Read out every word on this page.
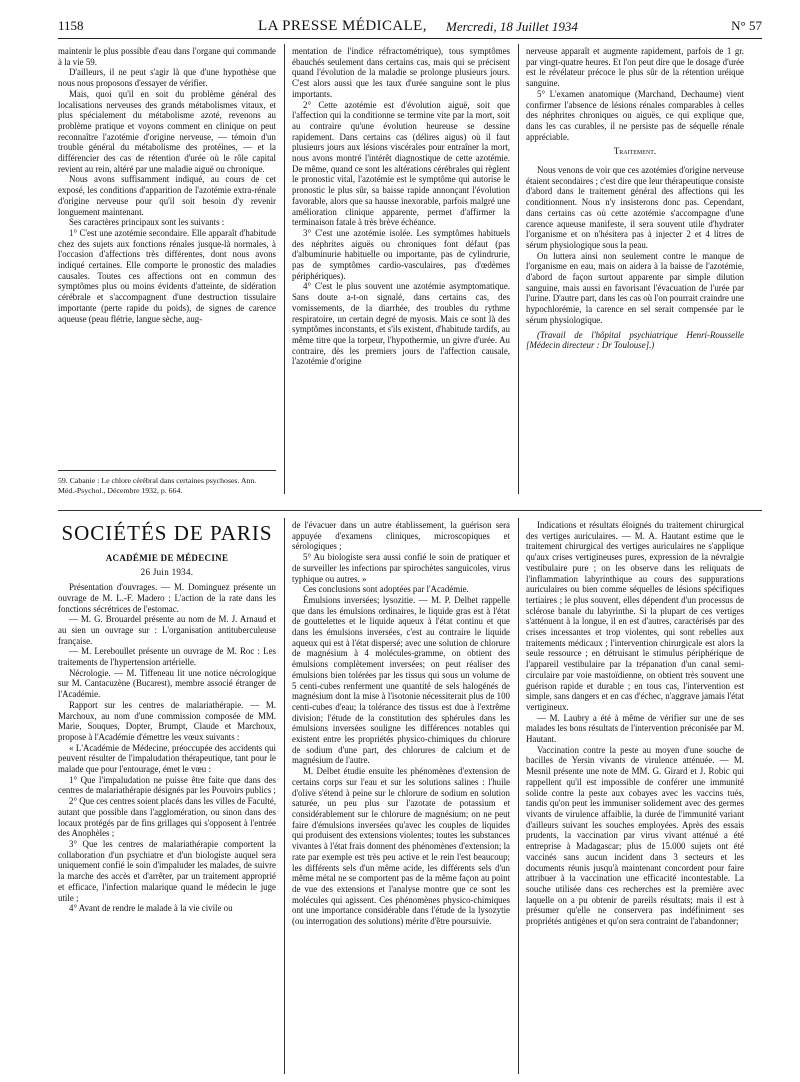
1158	LA PRESSE MÉDICALE, Mercredi, 18 Juillet 1934	N° 57

maintenir le plus possible d'eau dans l'organe qui commande à la vie 59.

D'ailleurs, il ne peut s'agir là que d'une hypothèse que nous nous proposons d'essayer de vérifier.

Mais, quoi qu'il en soit du problème général des localisations nerveuses des grands métabolismes vitaux, et plus spécialement du métabolisme azoté, revenons au problème pratique et voyons comment en clinique on peut reconnaître l'azotémie d'origine nerveuse, — témoin d'un trouble général du métabolisme des protéines, — et la différencier des cas de rétention d'urée où le rôle capital revient au rein, altéré par une maladie aiguë ou chronique.

Nous avons suffisamment indiqué, au cours de cet exposé, les conditions d'apparition de l'azotémie extra-rénale d'origine nerveuse pour qu'il soit besoin d'y revenir longuement maintenant.

Ses caractères principaux sont les suivants :

1° C'est une azotémie secondaire. Elle apparaît d'habitude chez des sujets aux fonctions rénales jusque-là normales, à l'occasion d'affections très différentes, dont nous avons indiqué certaines. Elle comporte le pronostic des maladies causales. Toutes ces affections ont en commun des symptômes plus ou moins évidents d'atteinte, de sidération cérébrale et s'accompagnent d'une destruction tissulaire importante (perte rapide du poids), de signes de carence aqueuse (peau flétrie, langue sèche, aug-

59. Cabanie : Le chlore cérébral dans certaines psychoses. Ann. Méd.-Psychol., Décembre 1932, p. 664.

mentation de l'indice réfractométrique), tous symptômes ébauchés seulement dans certains cas, mais qui se précisent quand l'évolution de la maladie se prolonge plusieurs jours. C'est alors aussi que les taux d'urée sanguine sont le plus importants.

2° Cette azotémie est d'évolution aiguë, soit que l'affection qui la conditionne se termine vite par la mort, soit au contraire qu'une évolution heureuse se dessine rapidement. Dans certains cas (délires aigus) où il faut plusieurs jours aux lésions viscérales pour entraîner la mort, nous avons montré l'intérêt diagnostique de cette azotémie. De même, quand ce sont les altérations cérébrales qui règlent le pronostic vital, l'azotémie est le symptôme qui autorise le pronostic le plus sûr, sa baisse rapide annonçant l'évolution favorable, alors que sa hausse inexorable, parfois malgré une amélioration clinique apparente, permet d'affirmer la terminaison fatale à très brève échéance.

3° C'est une azotémie isolée. Les symptômes habituels des néphrites aiguës ou chroniques font défaut (pas d'albuminurie habituelle ou importante, pas de cylindrurie, pas de symptômes cardio-vasculaires, pas d'œdèmes périphériques).

4° C'est le plus souvent une azotémie asymptomatique. Sans doute a-t-on signalé, dans certains cas, des vomissements, de la diarrhée, des troubles du rythme respiratoire, un certain degré de myosis. Mais ce sont là des symptômes inconstants, et s'ils existent, d'habitude tardifs, au même titre que la torpeur, l'hypothermie, un givre d'urée. Au contraire, dès les premiers jours de l'affection causale, l'azotémie d'origine

nerveuse apparaît et augmente rapidement, parfois de 1 gr. par vingt-quatre heures. Et l'on peut dire que le dosage d'urée est le révélateur précoce le plus sûr de la rétention uréique sanguine.

5° L'examen anatomique (Marchand, Dechaume) vient confirmer l'absence de lésions rénales comparables à celles des néphrites chroniques ou aiguës, ce qui explique que, dans les cas curables, il ne persiste pas de séquelle rénale appréciable.

Traitement.

Nous venons de voir que ces azotémies d'origine nerveuse étaient secondaires ; c'est dire que leur thérapeutique consiste d'abord dans le traitement général des affections qui les conditionnent. Nous n'y insisterons donc pas. Cependant, dans certains cas où cette azotémie s'accompagne d'une carence aqueuse manifeste, il sera souvent utile d'hydrater l'organisme et on n'hésitera pas à injecter 2 et 4 litres de sérum physiologique sous la peau.

On luttera ainsi non seulement contre le manque de l'organisme en eau, mais on aidera à la baisse de l'azotémie, d'abord de façon surtout apparente par simple dilution sanguine, mais aussi en favorisant l'évacuation de l'urée par l'urine. D'autre part, dans les cas où l'on pourrait craindre une hypochlorémie, la carence en sel serait compensée par le sérum physiologique.

(Travail de l'hôpital psychiatrique Henri-Rousselle [Médecin directeur : Dr Toulouse].)

SOCIÉTÉS DE PARIS
ACADÉMIE DE MÉDECINE
26 Juin 1934.

Présentation d'ouvrages. — M. Dominguez présente un ouvrage de M. L.-F. Madero : L'action de la rate dans les fonctions sécrétrices de l'estomac.

— M. G. Brouardel présente au nom de M. J. Arnaud et au sien un ouvrage sur : L'organisation antituberculeuse française.

— M. Lereboullet présente un ouvrage de M. Roc : Les traitements de l'hypertension artérielle.

Nécrologie. — M. Tiffeneau lit une notice nécrologique sur M. Cantacuzène (Bucarest), membre associé étranger de l'Académie.

Rapport sur les centres de malariathérapie. — M. Marchoux, au nom d'une commission composée de MM. Marie, Souques, Dopter, Brumpt, Claude et Marchoux, propose à l'Académie d'émettre les vœux suivants :

« L'Académie de Médecine, préoccupée des accidents qui peuvent résulter de l'impaludation thérapeutique, tant pour le malade que pour l'entourage, émet le vœu :

1° Que l'impaludation ne puisse être faite que dans des centres de malariathérapie désignés par les Pouvoirs publics ;

2° Que ces centres soient placés dans les villes de Faculté, autant que possible dans l'agglomération, ou sinon dans des locaux protégés par de fins grillages qui s'opposent à l'entrée des Anophèles ;

3° Que les centres de malariathérapie comportent la collaboration d'un psychiatre et d'un biologiste auquel sera uniquement confié le soin d'impaluder les malades, de suivre la marche des accès et d'arrêter, par un traitement approprié et efficace, l'infection malarique quand le médecin le juge utile ;

4° Avant de rendre le malade à la vie civile ou

de l'évacuer dans un autre établissement, la guérison sera appuyée d'examens cliniques, microscopiques et sérologiques ;

5° Au biologiste sera aussi confié le soin de pratiquer et de surveiller les infections par spirochètes sanguicoles, virus typhique ou autres. »

Ces conclusions sont adoptées par l'Académie.

Émulsions inversées; lysozitie. — M. P. Delbet rappelle que dans les émulsions ordinaires, le liquide gras est à l'état de gouttelettes et le liquide aqueux à l'état continu et que dans les émulsions inversées, c'est au contraire le liquide aqueux qui est à l'état dispersé; avec une solution de chlorure de magnésium à 4 molécules-gramme, on obtient des émulsions complètement inversées; on peut réaliser des émulsions bien tolérées par les tissus qui sous un volume de 5 centi-cubes renferment une quantité de sels halogénés de magnésium dont la mise à l'isotonie nécessiterait plus de 100 centi-cubes d'eau; la tolérance des tissus est due à l'extrême division; l'étude de la constitution des sphérules dans les émulsions inversées souligne les différences notables qui existent entre les propriétés physico-chimiques du chlorure de sodium d'une part, des chlorures de calcium et de magnésium de l'autre.

M. Delbet étudie ensuite les phénomènes d'extension de certains corps sur l'eau et sur les solutions salines : l'huile d'olive s'étend à peine sur le chlorure de sodium en solution saturée, un peu plus sur l'azotate de potassium et considérablement sur le chlorure de magnésium; on ne peut faire d'émulsions inversées qu'avec les couples de liquides qui produisent des extensions violentes; toutes les substances vivantes à l'état frais donnent des phénomènes d'extension; la rate par exemple est très peu active et le rein l'est beaucoup; les différents sels d'un même acide, les différents sels d'un même métal ne se comportent pas de la même façon au point de vue des extensions et l'analyse montre que ce sont les molécules qui agissent. Ces phénomènes physico-chimiques ont une importance considérable dans l'étude de la lysozytie (ou interrogation des solutions) mérite d'être poursuivie.

Indications et résultats éloignés du traitement chirurgical des vertiges auriculaires. — M. A. Hautant estime que le traitement chirurgical des vertiges auriculaires ne s'applique qu'aux crises vertigineuses pures, expression de la névralgie vestibulaire pure ; on les observe dans les reliquats de l'inflammation labyrinthique au cours des suppurations auriculaires ou bien comme séquelles de lésions spécifiques tertiaires ; le plus souvent, elles dépendent d'un processus de sclérose banale du labyrinthe. Si la plupart de ces vertiges s'atténuent à la longue, il en est d'autres, caractérisés par des crises incessantes et trop violentes, qui sont rebelles aux traitements médicaux ; l'intervention chirurgicale est alors la seule ressource ; en détruisant le stimulus périphérique de l'appareil vestibulaire par la trépanation d'un canal semi-circulaire par voie mastoïdienne, on obtient très souvent une guérison rapide et durable ; en tous cas, l'intervention est simple, sans dangers et en cas d'échec, n'aggrave jamais l'état vertigineux.

— M. Laubry a été à même de vérifier sur une de ses malades les bons résultats de l'intervention préconisée par M. Hautant.

Vaccination contre la peste au moyen d'une souche de bacilles de Yersin vivants de virulence atténuée. — M. Mesnil présente une note de MM. G. Girard et J. Robic qui rappellent qu'il est impossible de conférer une immunité solide contre la peste aux cobayes avec les vaccins tués, tandis qu'on peut les immuniser solidement avec des germes vivants de virulence affaiblie, la durée de l'immunité variant d'ailleurs suivant les souches employées. Après des essais prudents, la vaccination par virus vivant atténué a été entreprise à Madagascar; plus de 15.000 sujets ont été vaccinés sans aucun incident dans 3 secteurs et les documents réunis jusqu'à maintenant concordent pour faire attribuer à la vaccination une efficacité incontestable. La souche utilisée dans ces recherches est la première avec laquelle on a pu obtenir de pareils résultats; mais il est à présumer qu'elle ne conservera pas indéfiniment ses propriétés antigènes et qu'on sera contraint de l'abandonner;
